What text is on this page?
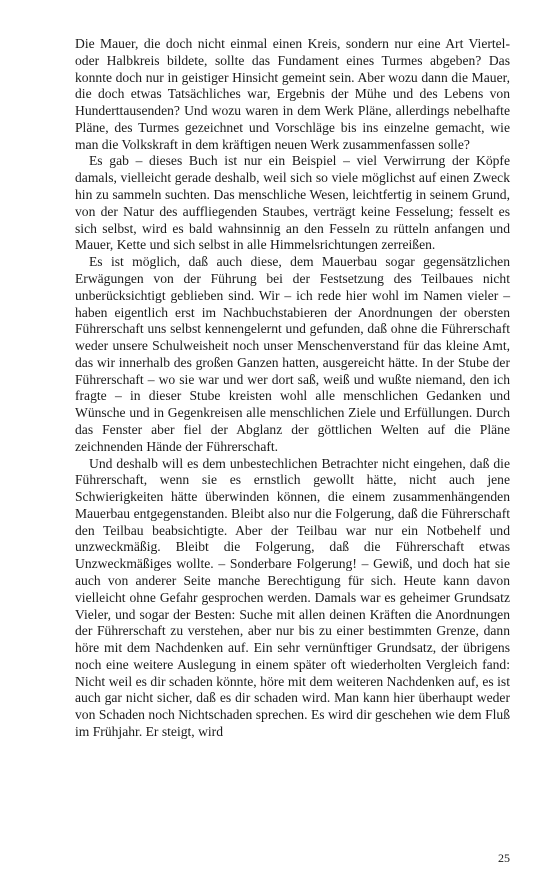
Die Mauer, die doch nicht einmal einen Kreis, sondern nur eine Art Viertel- oder Halbkreis bildete, sollte das Fundament eines Turmes abgeben? Das konnte doch nur in geistiger Hinsicht gemeint sein. Aber wozu dann die Mauer, die doch etwas Tatsächliches war, Ergebnis der Mühe und des Lebens von Hunderttausenden? Und wozu waren in dem Werk Pläne, allerdings nebelhafte Pläne, des Turmes gezeichnet und Vorschläge bis ins einzelne gemacht, wie man die Volkskraft in dem kräftigen neuen Werk zusammenfassen solle?

Es gab – dieses Buch ist nur ein Beispiel – viel Verwirrung der Köpfe damals, vielleicht gerade deshalb, weil sich so viele möglichst auf einen Zweck hin zu sammeln suchten. Das menschliche Wesen, leichtfertig in seinem Grund, von der Natur des auffliegenden Staubes, verträgt keine Fesselung; fesselt es sich selbst, wird es bald wahnsinnig an den Fesseln zu rütteln anfangen und Mauer, Kette und sich selbst in alle Himmelsrichtungen zerreißen.

Es ist möglich, daß auch diese, dem Mauerbau sogar gegensätzlichen Erwägungen von der Führung bei der Festsetzung des Teilbaues nicht unberücksichtigt geblieben sind. Wir – ich rede hier wohl im Namen vieler – haben eigentlich erst im Nachbuchstabieren der Anordnungen der obersten Führerschaft uns selbst kennengelernt und gefunden, daß ohne die Führerschaft weder unsere Schulweisheit noch unser Menschenverstand für das kleine Amt, das wir innerhalb des großen Ganzen hatten, ausgereicht hätte. In der Stube der Führerschaft – wo sie war und wer dort saß, weiß und wußte niemand, den ich fragte – in dieser Stube kreisten wohl alle menschlichen Gedanken und Wünsche und in Gegenkreisen alle menschlichen Ziele und Erfüllungen. Durch das Fenster aber fiel der Abglanz der göttlichen Welten auf die Pläne zeichnenden Hände der Führerschaft.

Und deshalb will es dem unbestechlichen Betrachter nicht eingehen, daß die Führerschaft, wenn sie es ernstlich gewollt hätte, nicht auch jene Schwierigkeiten hätte überwinden können, die einem zusammenhängenden Mauerbau entgegenstanden. Bleibt also nur die Folgerung, daß die Führerschaft den Teilbau beabsichtigte. Aber der Teilbau war nur ein Notbehelf und unzweckmäßig. Bleibt die Folgerung, daß die Führerschaft etwas Unzweckmäßiges wollte. – Sonderbare Folgerung! – Gewiß, und doch hat sie auch von anderer Seite manche Berechtigung für sich. Heute kann davon vielleicht ohne Gefahr gesprochen werden. Damals war es geheimer Grundsatz Vieler, und sogar der Besten: Suche mit allen deinen Kräften die Anordnungen der Führerschaft zu verstehen, aber nur bis zu einer bestimmten Grenze, dann höre mit dem Nachdenken auf. Ein sehr vernünftiger Grundsatz, der übrigens noch eine weitere Auslegung in einem später oft wiederholten Vergleich fand: Nicht weil es dir schaden könnte, höre mit dem weiteren Nachdenken auf, es ist auch gar nicht sicher, daß es dir schaden wird. Man kann hier überhaupt weder von Schaden noch Nichtschaden sprechen. Es wird dir geschehen wie dem Fluß im Frühjahr. Er steigt, wird

25
